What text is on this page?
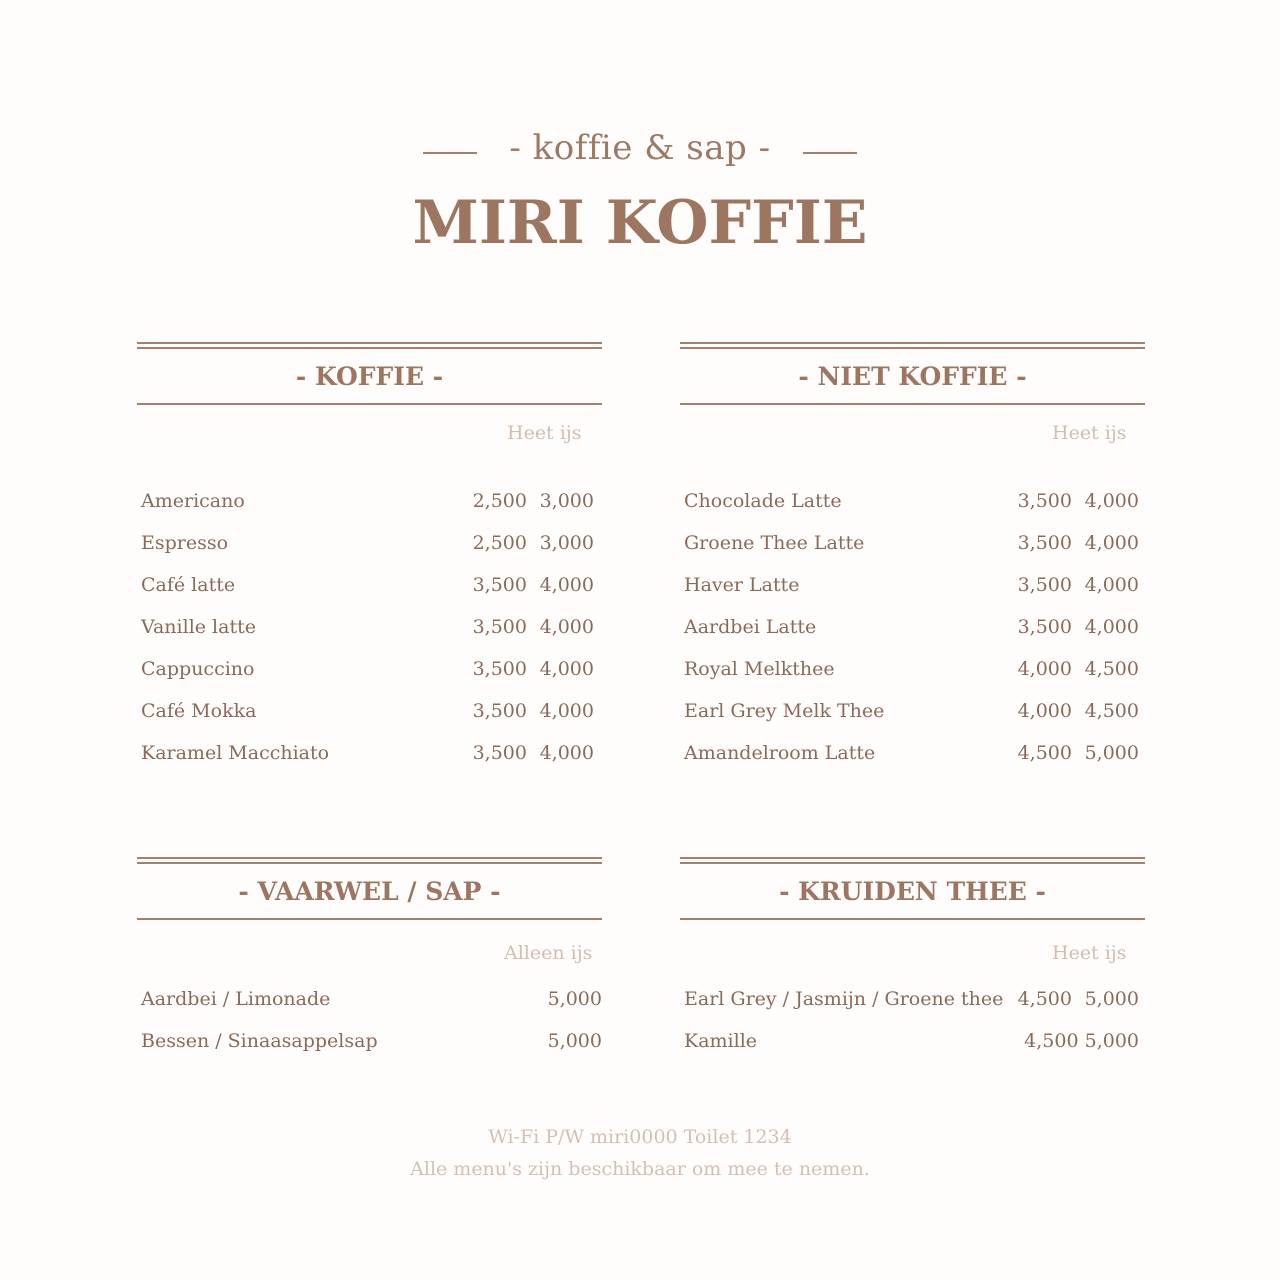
- koffie & sap -
MIRI KOFFIE
- KOFFIE -
Heet ijs
Americano	2,500 3,000
Espresso	2,500 3,000
Café latte	3,500 4,000
Vanille latte	3,500 4,000
Cappuccino	3,500 4,000
Café Mokka	3,500 4,000
Karamel Macchiato	3,500 4,000
- NIET KOFFIE -
Heet ijs
Chocolade Latte	3,500 4,000
Groene Thee Latte	3,500 4,000
Haver Latte	3,500 4,000
Aardbei Latte	3,500 4,000
Royal Melkthee	4,000 4,500
Earl Grey Melk Thee	4,000 4,500
Amandelroom Latte	4,500 5,000
- VAARWEL / SAP -
Alleen ijs
Aardbei / Limonade	5,000
Bessen / Sinaasappelsap	5,000
- KRUIDEN THEE -
Heet ijs
Earl Grey / Jasmijn / Groene thee 4,500 5,000
Kamille	4,500 5,000
Wi-Fi P/W miri0000 Toilet 1234
Alle menu's zijn beschikbaar om mee te nemen.
